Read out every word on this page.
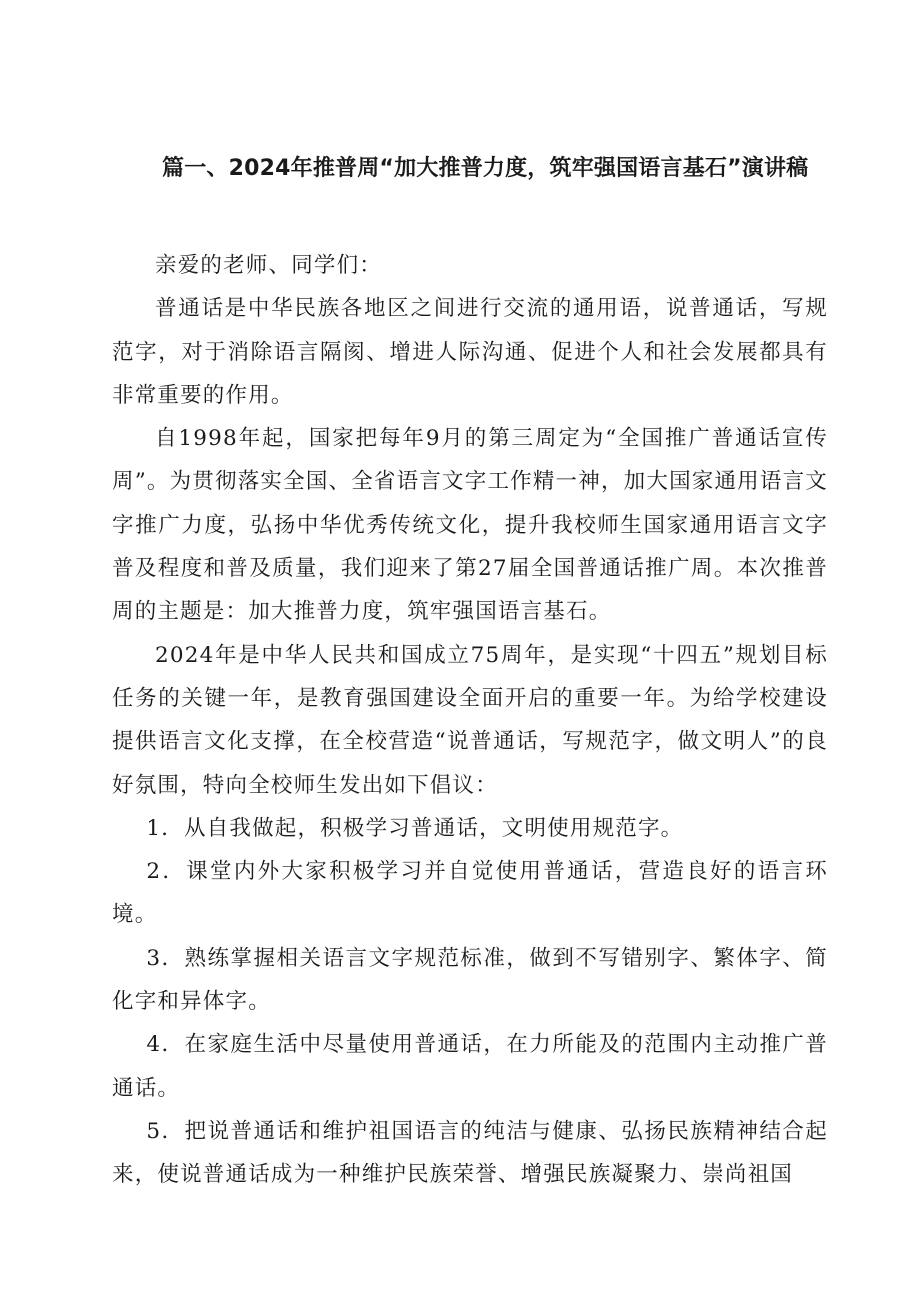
篇一、2024年推普周“加大推普力度，筑牢强国语言基石”演讲稿

亲爱的老师、同学们：

普通话是中华民族各地区之间进行交流的通用语，说普通话，写规范字，对于消除语言隔阂、增进人际沟通、促进个人和社会发展都具有非常重要的作用。

自1998年起，国家把每年9月的第三周定为“全国推广普通话宣传周”。为贯彻落实全国、全省语言文字工作精一神，加大国家通用语言文字推广力度，弘扬中华优秀传统文化，提升我校师生国家通用语言文字普及程度和普及质量，我们迎来了第27届全国普通话推广周。本次推普周的主题是：加大推普力度，筑牢强国语言基石。

2024年是中华人民共和国成立75周年，是实现“十四五”规划目标任务的关键一年，是教育强国建设全面开启的重要一年。为给学校建设提供语言文化支撑，在全校营造“说普通话，写规范字，做文明人”的良好氛围，特向全校师生发出如下倡议：

1．从自我做起，积极学习普通话，文明使用规范字。

2．课堂内外大家积极学习并自觉使用普通话，营造良好的语言环境。

3．熟练掌握相关语言文字规范标准，做到不写错别字、繁体字、简化字和异体字。

4．在家庭生活中尽量使用普通话，在力所能及的范围内主动推广普通话。

5．把说普通话和维护祖国语言的纯洁与健康、弘扬民族精神结合起来，使说普通话成为一种维护民族荣誉、增强民族凝聚力、崇尚祖国
